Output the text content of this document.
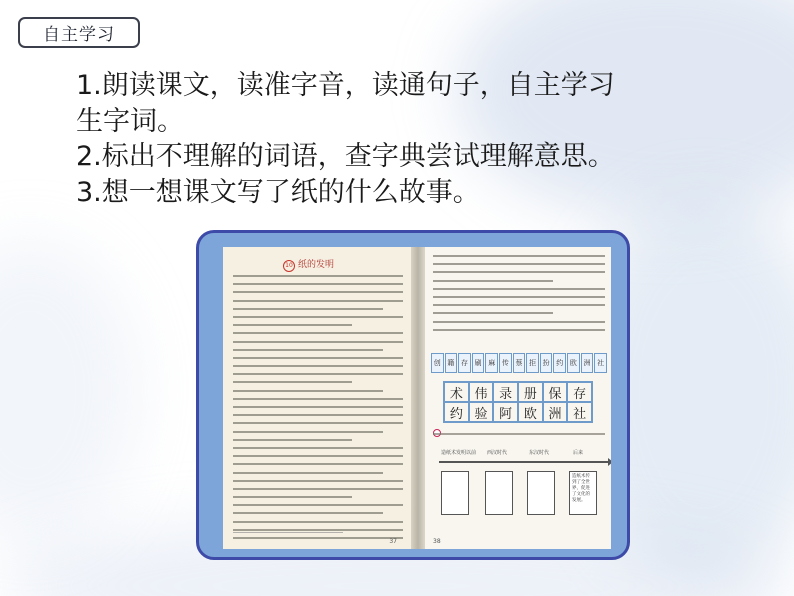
自主学习
1.朗读课文，读准字音，读通句子，自主学习
生字词。
2.标出不理解的词语，查字典尝试理解意思。
3.想一想课文写了纸的什么故事。
10 纸的发明
37
创 籍 存 刷 麻 传 蔡 拒 扮 约 欧 洲 社
术 伟 录 册 保 存
约 验 阿 欧 洲 社
造纸术发明以前 西汉时代	东汉时代	后来
造纸术传到了全世界，促进了文化的发展。
38
